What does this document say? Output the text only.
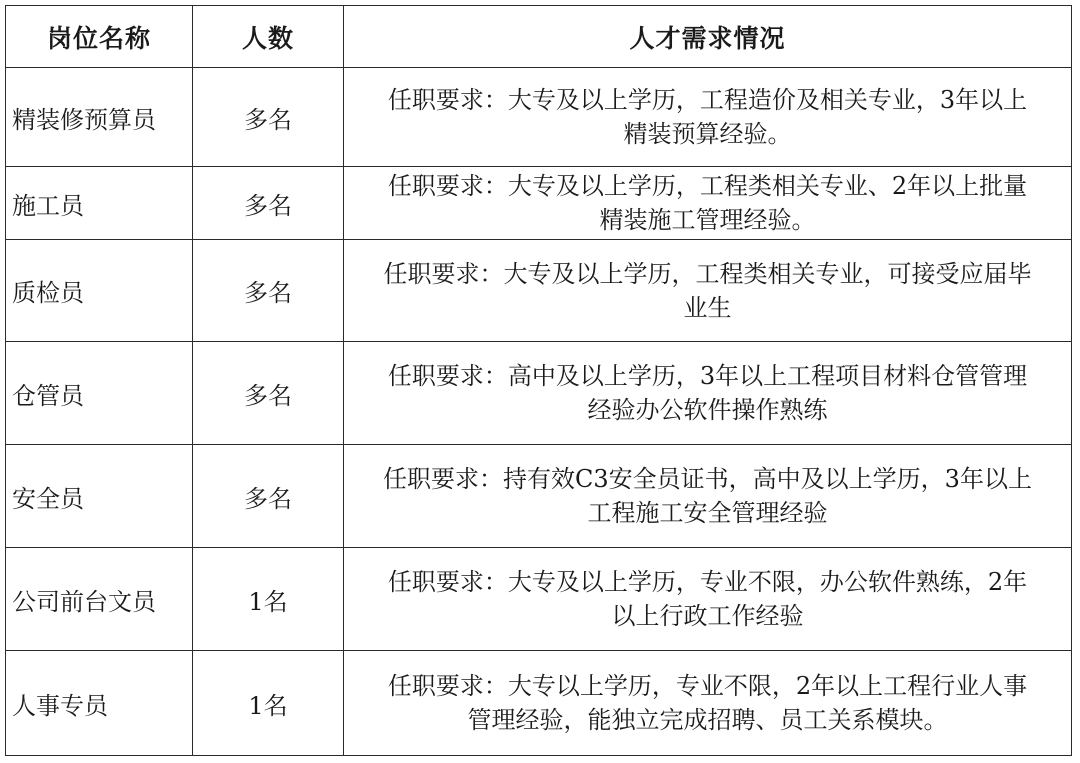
岗位名称	人数	人才需求情况
精装修预算员	多名	任职要求：大专及以上学历，工程造价及相关专业，3年以上
精装预算经验。

施工员	多名	任职要求：大专及以上学历，工程类相关专业、2年以上批量
精装施工管理经验。

质检员	多名	任职要求：大专及以上学历，工程类相关专业，可接受应届毕
业生

仓管员	多名	任职要求：高中及以上学历，3年以上工程项目材料仓管管理
经验办公软件操作熟练

安全员	多名	任职要求：持有效C3安全员证书，高中及以上学历，3年以上
工程施工安全管理经验

公司前台文员	1名	任职要求：大专及以上学历，专业不限，办公软件熟练，2年
以上行政工作经验

人事专员	1名	任职要求：大专以上学历，专业不限，2年以上工程行业人事
管理经验，能独立完成招聘、员工关系模块。
